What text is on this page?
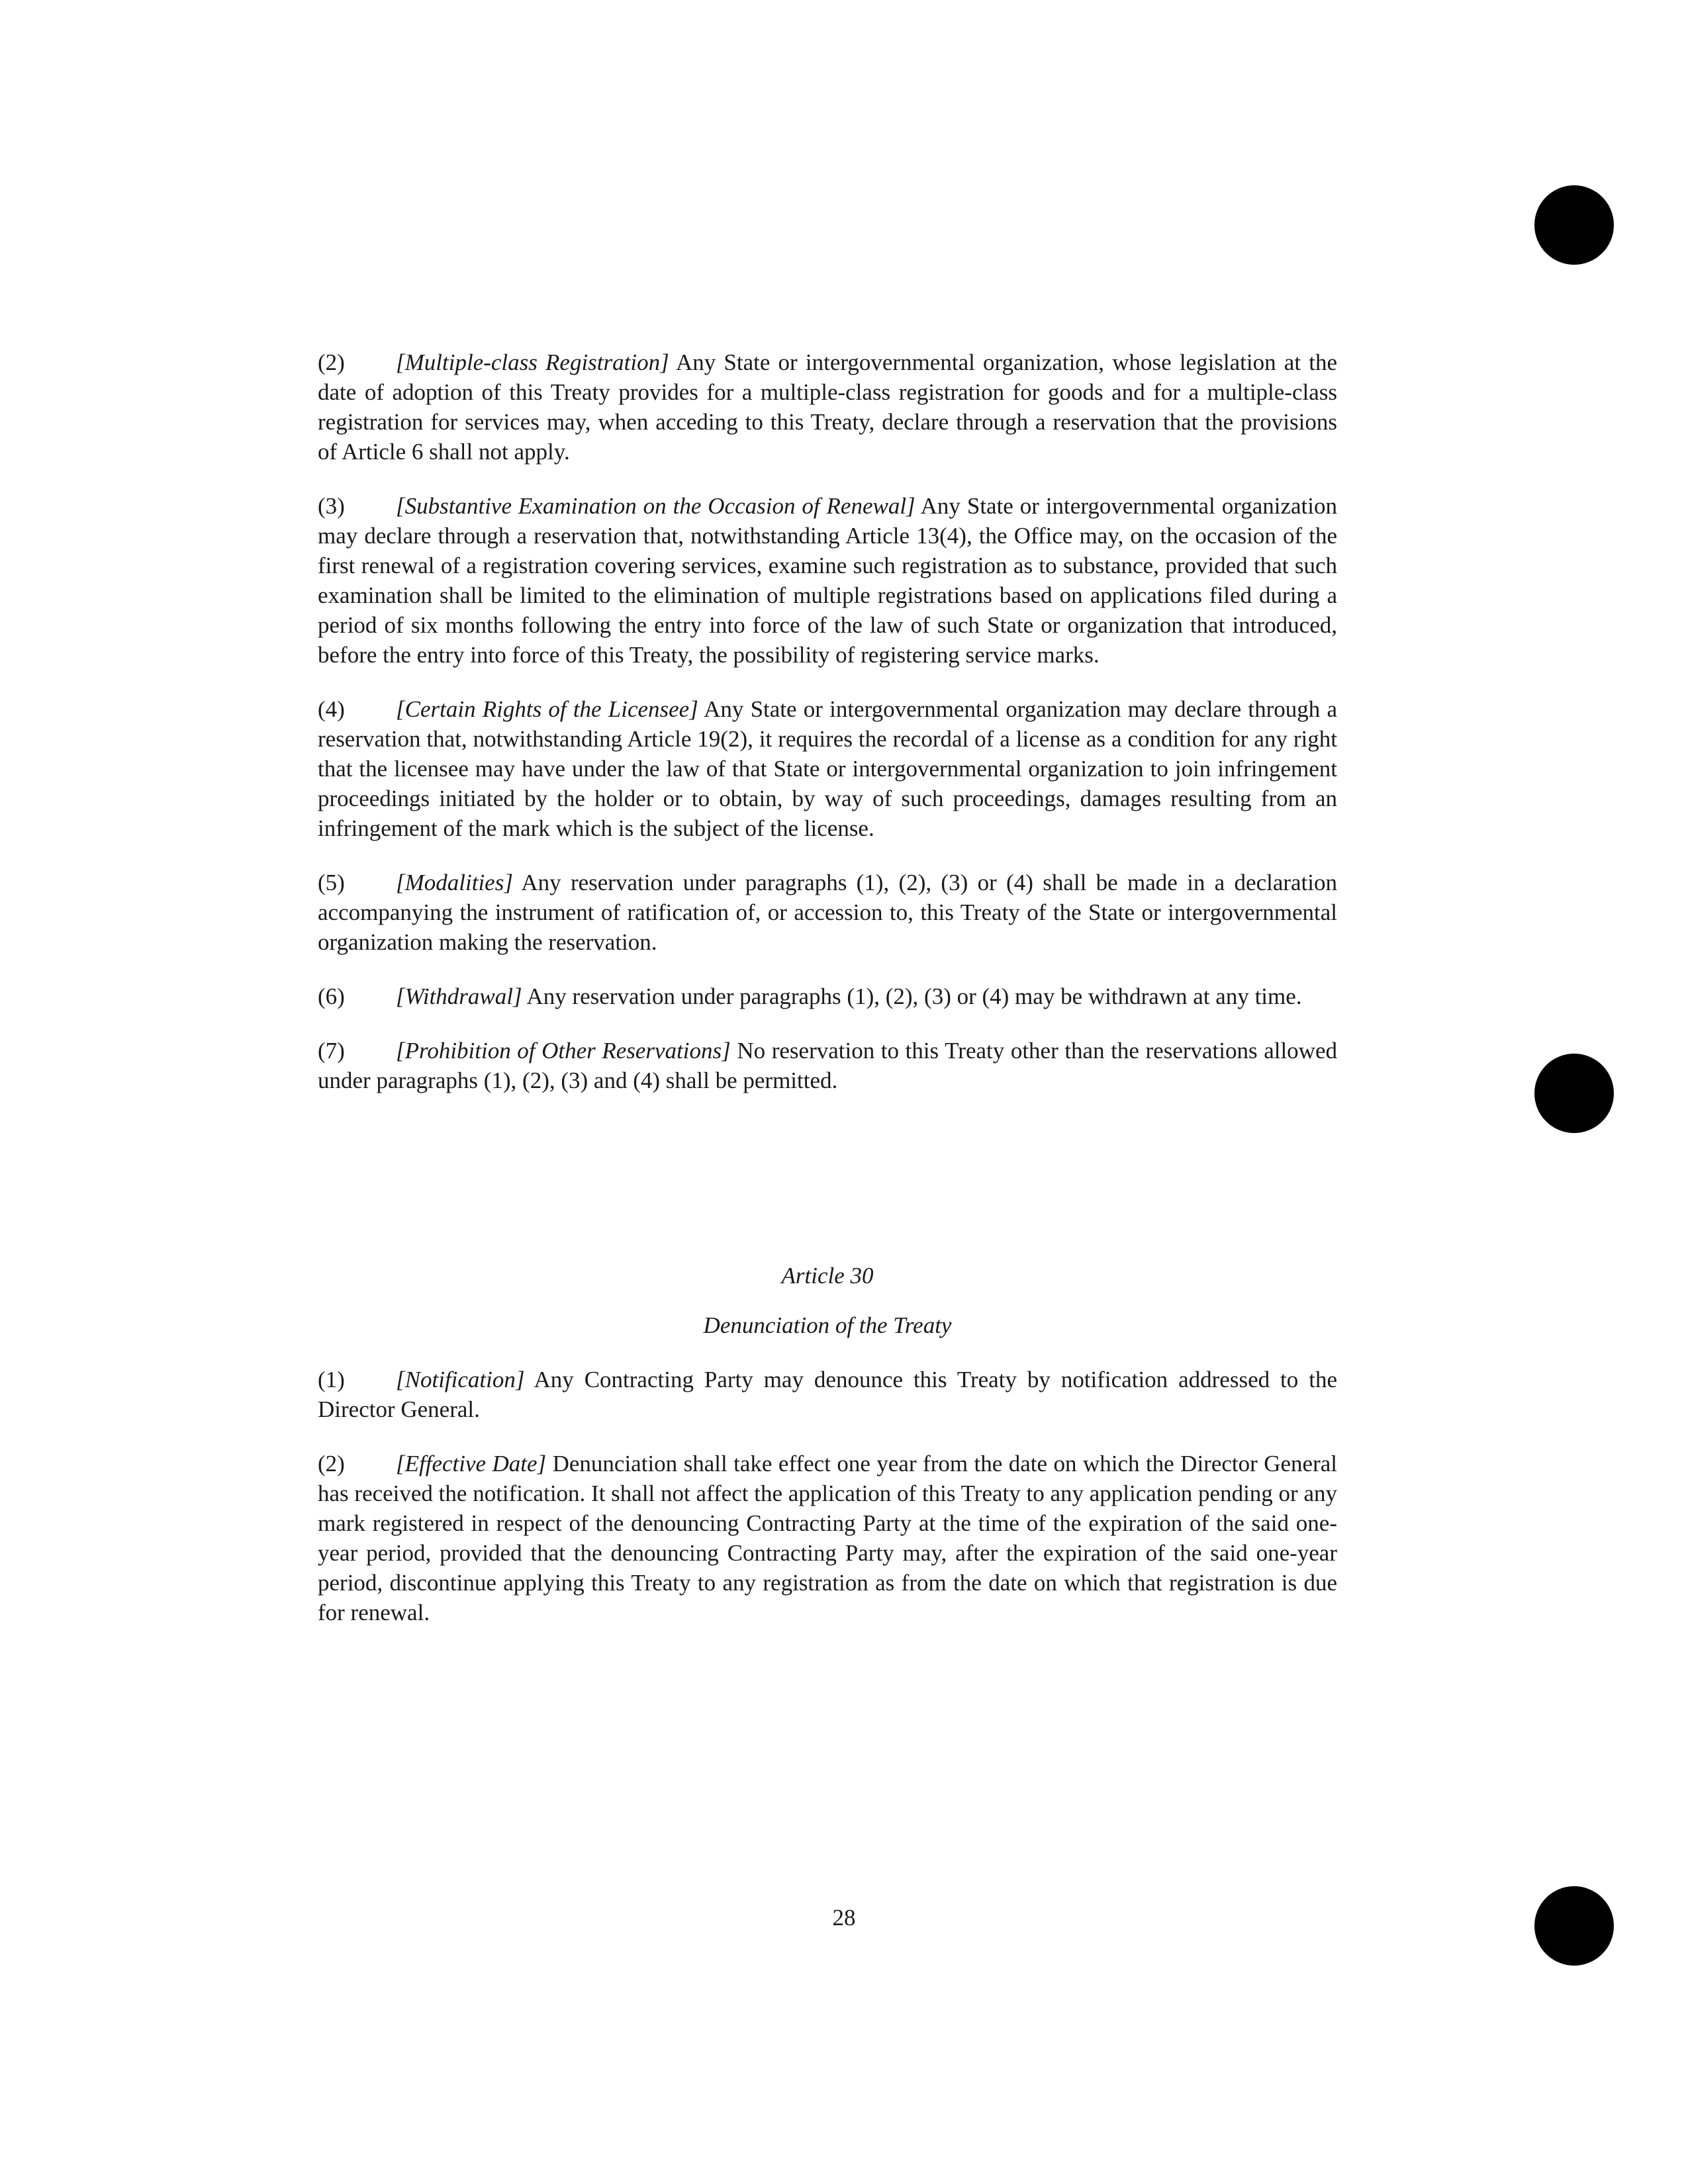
(2) [Multiple-class Registration] Any State or intergovernmental organization, whose legislation at the date of adoption of this Treaty provides for a multiple-class registration for goods and for a multiple-class registration for services may, when acceding to this Treaty, declare through a reservation that the provisions of Article 6 shall not apply.

(3) [Substantive Examination on the Occasion of Renewal] Any State or intergovernmental organization may declare through a reservation that, notwithstanding Article 13(4), the Office may, on the occasion of the first renewal of a registration covering services, examine such registration as to substance, provided that such examination shall be limited to the elimination of multiple registrations based on applications filed during a period of six months following the entry into force of the law of such State or organization that introduced, before the entry into force of this Treaty, the possibility of registering service marks.

(4) [Certain Rights of the Licensee] Any State or intergovernmental organization may declare through a reservation that, notwithstanding Article 19(2), it requires the recordal of a license as a condition for any right that the licensee may have under the law of that State or intergovernmental organization to join infringement proceedings initiated by the holder or to obtain, by way of such proceedings, damages resulting from an infringement of the mark which is the subject of the license.

(5) [Modalities] Any reservation under paragraphs (1), (2), (3) or (4) shall be made in a declaration accompanying the instrument of ratification of, or accession to, this Treaty of the State or intergovernmental organization making the reservation.

(6) [Withdrawal] Any reservation under paragraphs (1), (2), (3) or (4) may be withdrawn at any time.

(7) [Prohibition of Other Reservations] No reservation to this Treaty other than the reservations allowed under paragraphs (1), (2), (3) and (4) shall be permitted.

Article 30

Denunciation of the Treaty

(1) [Notification] Any Contracting Party may denounce this Treaty by notification addressed to the Director General.

(2) [Effective Date] Denunciation shall take effect one year from the date on which the Director General has received the notification. It shall not affect the application of this Treaty to any application pending or any mark registered in respect of the denouncing Contracting Party at the time of the expiration of the said one-year period, provided that the denouncing Contracting Party may, after the expiration of the said one-year period, discontinue applying this Treaty to any registration as from the date on which that registration is due for renewal.

28
